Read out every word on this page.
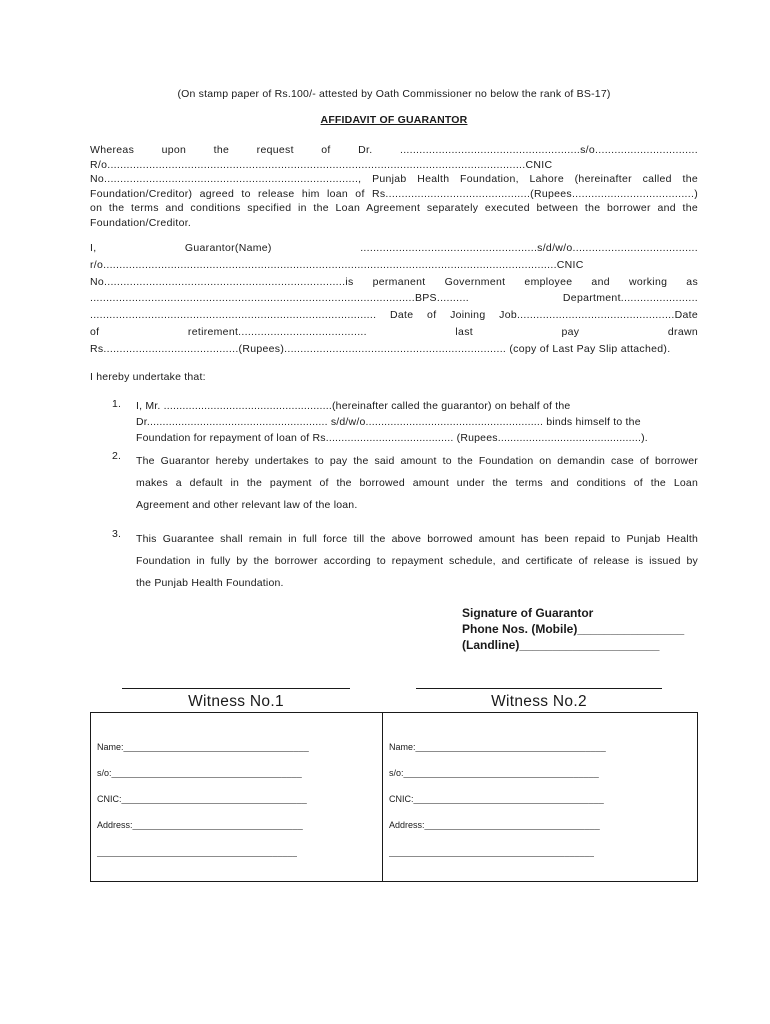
(On stamp paper of Rs.100/- attested by Oath Commissioner no below the rank of BS-17)
AFFIDAVIT OF GUARANTOR
Whereas upon the request of Dr. ........................................................s/o................................
R/o..................................................................................................................................CNIC
No..............................................................................., Punjab Health Foundation, Lahore (hereinafter called the
Foundation/Creditor) agreed to release him loan of Rs.............................................(Rupees......................................)
on the terms and conditions specified in the Loan Agreement separately executed between the borrower and the
Foundation/Creditor.
I, Guarantor(Name) .......................................................s/d/w/o.......................................
r/o.............................................................................................................................................CNIC
No...........................................................................is permanent Government employee and working as
.....................................................................................................BPS.......... Department........................
......................................................................................... Date of Joining Job.................................................Date
of retirement........................................ last pay drawn
Rs..........................................(Rupees)..................................................................... (copy of Last Pay Slip attached).
I hereby undertake that:
1. I, Mr. ......................................................(hereinafter called the guarantor) on behalf of the
Dr.......................................................... s/d/w/o......................................................... binds himself to the
Foundation for repayment of loan of Rs......................................... (Rupees..............................................).
2. The Guarantor hereby undertakes to pay the said amount to the Foundation on demandin case of borrower
makes a default in the payment of the borrowed amount under the terms and conditions of the Loan
Agreement and other relevant law of the loan.
3. This Guarantee shall remain in full force till the above borrowed amount has been repaid to Punjab Health
Foundation in fully by the borrower according to repayment schedule, and certificate of release is issued by
the Punjab Health Foundation.
Signature of Guarantor
Phone Nos. (Mobile)________________
(Landline)_____________________
Witness No.1	Witness No.2
Name:_____________________________________
s/o:______________________________________
CNIC:_____________________________________
Address:__________________________________
________________________________________
Name:______________________________________
s/o:_______________________________________
CNIC:______________________________________
Address:___________________________________
_________________________________________
